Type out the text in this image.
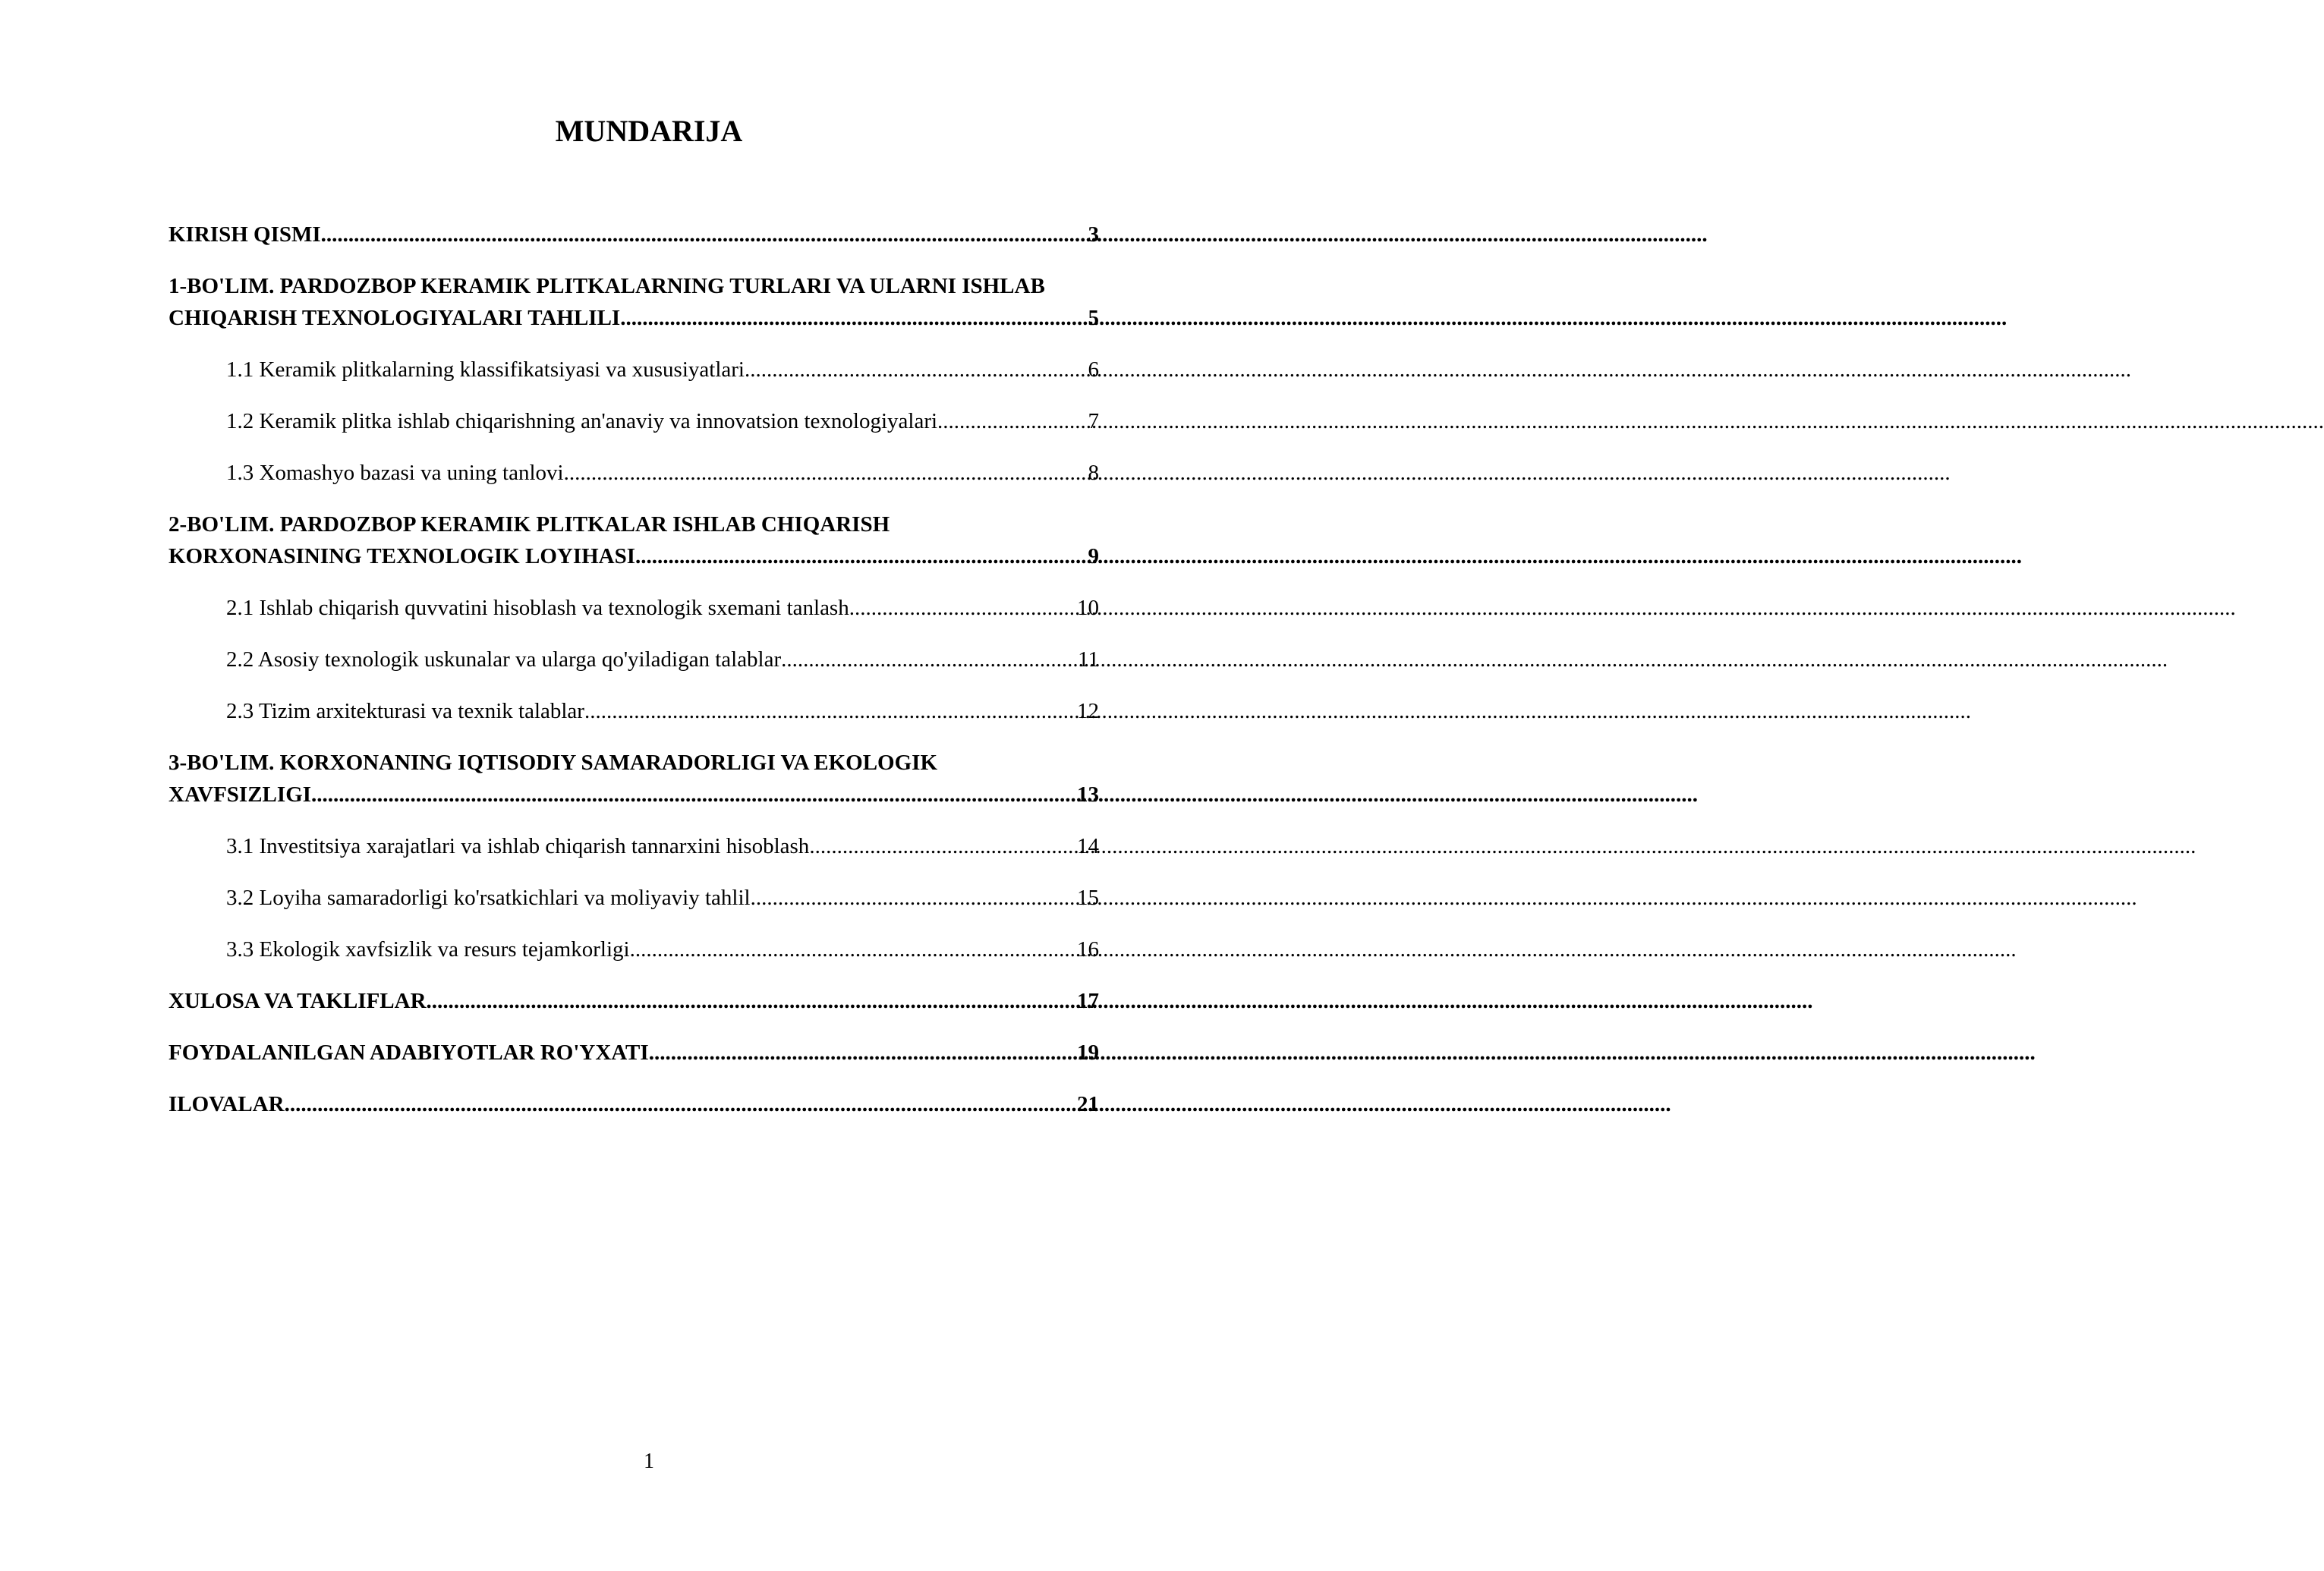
MUNDARIJA
KIRISH QISMI .....	3
1-BO'LIM. PARDOZBOP KERAMIK PLITKALARNING TURLARI VA ULARNI ISHLAB
CHIQARISH TEXNOLOGIYALARI TAHLILI .....	5
1.1 Keramik plitkalarning klassifikatsiyasi va xususiyatlari .....	6
1.2 Keramik plitka ishlab chiqarishning an'anaviy va innovatsion texnologiyalari .....	7
1.3 Xomashyo bazasi va uning tanlovi .....	8
2-BO'LIM. PARDOZBOP KERAMIK PLITKALAR ISHLAB CHIQARISH
KORXONASINING TEXNOLOGIK LOYIHASI .....	9
2.1 Ishlab chiqarish quvvatini hisoblash va texnologik sxemani tanlash .....	10
2.2 Asosiy texnologik uskunalar va ularga qo'yiladigan talablar .....	11
2.3 Tizim arxitekturasi va texnik talablar .....	12
3-BO'LIM. KORXONANING IQTISODIY SAMARADORLIGI VA EKOLOGIK
XAVFSIZLIGI .....	13
3.1 Investitsiya xarajatlari va ishlab chiqarish tannarxini hisoblash .....	14
3.2 Loyiha samaradorligi ko'rsatkichlari va moliyaviy tahlil .....	15
3.3 Ekologik xavfsizlik va resurs tejamkorligi .....	16
XULOSA VA TAKLIFLAR .....	17
FOYDALANILGAN ADABIYOTLAR RO'YXATI .....	19
ILOVALAR .....	21
1
